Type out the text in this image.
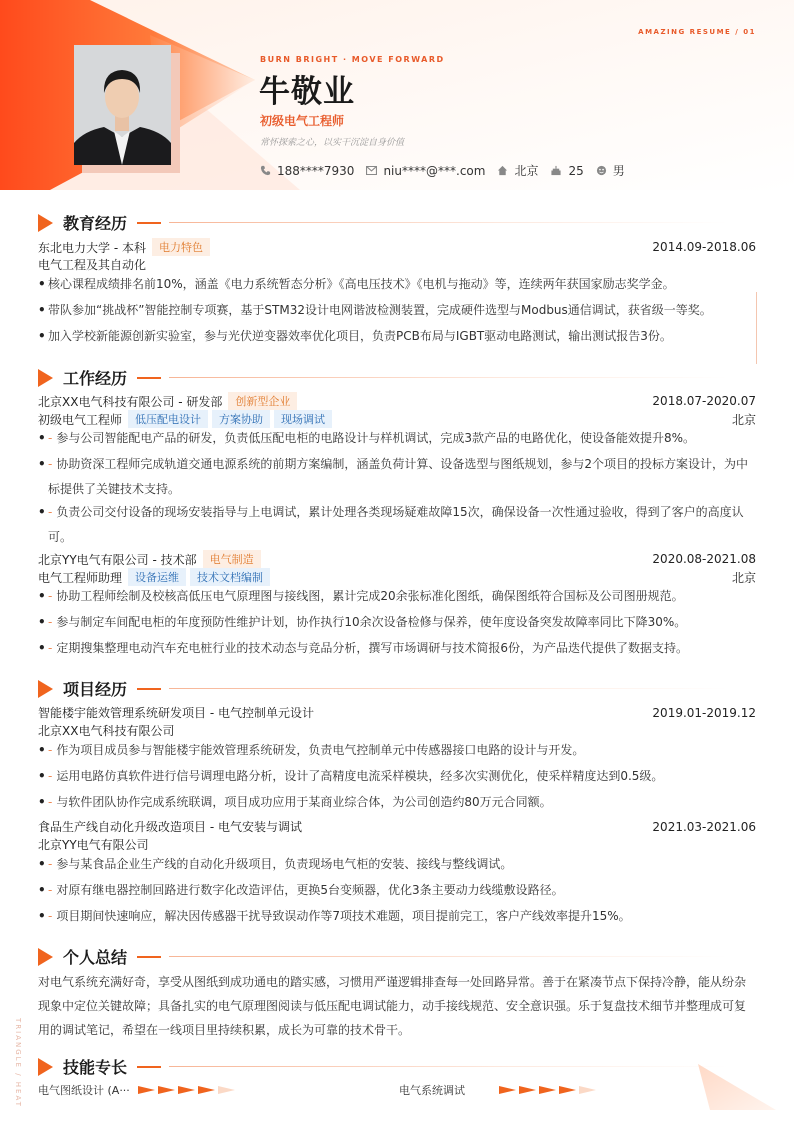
AMAZING RESUME / 01
BURN BRIGHT · MOVE FORWARD
牛敬业
初级电气工程师
常怀探索之心，以实干沉淀自身价值
188****7930 niu****@***.com 北京	25 男
教育经历
东北电力大学 - 本科	电力特色	2014.09-2018.06
电气工程及其自动化
• 核心课程成绩排名前10%，涵盖《电力系统暂态分析》《高电压技术》《电机与拖动》等，连续两年获国家励志奖学金。
• 带队参加“挑战杯”智能控制专项赛，基于STM32设计电网谐波检测装置，完成硬件选型与Modbus通信调试，获省级一等奖。
• 加入学校新能源创新实验室，参与光伏逆变器效率优化项目，负责PCB布局与IGBT驱动电路测试，输出测试报告3份。
工作经历
北京XX电气科技有限公司 - 研发部	创新型企业	2018.07-2020.07
初级电气工程师	低压配电设计	方案协助	现场调试	北京
• - 参与公司智能配电产品的研发，负责低压配电柜的电路设计与样机调试，完成3款产品的电路优化，使设备能效提升8%。
• - 协助资深工程师完成轨道交通电源系统的前期方案编制，涵盖负荷计算、设备选型与图纸规划，参与2个项目的投标方案设计，为中标提供了关键技术支持。
• - 负责公司交付设备的现场安装指导与上电调试，累计处理各类现场疑难故障15次，确保设备一次性通过验收，得到了客户的高度认可。
北京YY电气有限公司 - 技术部	电气制造	2020.08-2021.08
电气工程师助理	设备运维	技术文档编制	北京
• - 协助工程师绘制及校核高低压电气原理图与接线图，累计完成20余张标准化图纸，确保图纸符合国标及公司图册规范。
• - 参与制定车间配电柜的年度预防性维护计划，协作执行10余次设备检修与保养，使年度设备突发故障率同比下降30%。
• - 定期搜集整理电动汽车充电桩行业的技术动态与竞品分析，撰写市场调研与技术简报6份，为产品迭代提供了数据支持。
项目经历
智能楼宇能效管理系统研发项目 - 电气控制单元设计	2019.01-2019.12
北京XX电气科技有限公司
• - 作为项目成员参与智能楼宇能效管理系统研发，负责电气控制单元中传感器接口电路的设计与开发。
• - 运用电路仿真软件进行信号调理电路分析，设计了高精度电流采样模块，经多次实测优化，使采样精度达到0.5级。
• - 与软件团队协作完成系统联调，项目成功应用于某商业综合体，为公司创造约80万元合同额。
食品生产线自动化升级改造项目 - 电气安装与调试	2021.03-2021.06
北京YY电气有限公司
• - 参与某食品企业生产线的自动化升级项目，负责现场电气柜的安装、接线与整线调试。
• - 对原有继电器控制回路进行数字化改造评估，更换5台变频器，优化3条主要动力线缆敷设路径。
• - 项目期间快速响应，解决因传感器干扰导致误动作等7项技术难题，项目提前完工，客户产线效率提升15%。
个人总结
对电气系统充满好奇，享受从图纸到成功通电的踏实感，习惯用严谨逻辑排查每一处回路异常。善于在紧凑节点下保持冷静，能从纷杂现象中定位关键故障；具备扎实的电气原理图阅读与低压配电调试能力，动手接线规范、安全意识强。乐于复盘技术细节并整理成可复用的调试笔记，希望在一线项目里持续积累，成长为可靠的技术骨干。
技能专长
电气图纸设计 (A···	电气系统调试
TRIANGLE / HEAT
